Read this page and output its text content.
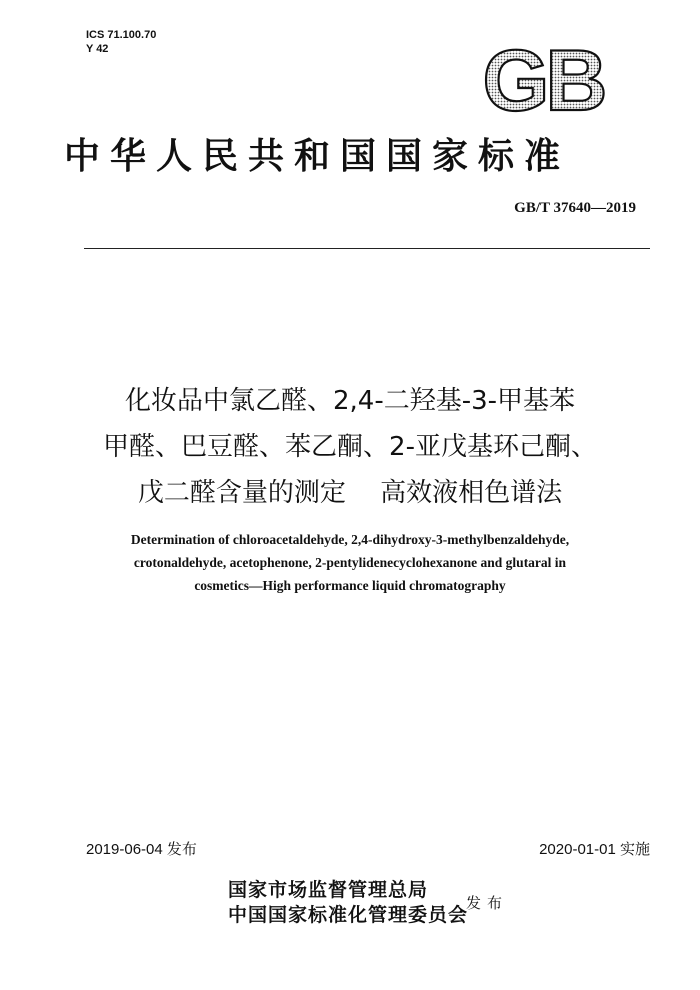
ICS 71.100.70
Y 42	GB
中华人民共和国国家标准
GB/T 37640—2019
化妆品中氯乙醛、2,4-二羟基-3-甲基苯
甲醛、巴豆醛、苯乙酮、2-亚戊基环己酮、
戊二醛含量的测定　 高效液相色谱法
Determination of chloroacetaldehyde, 2,4-dihydroxy-3-methylbenzaldehyde,
crotonaldehyde, acetophenone, 2-pentylidenecyclohexanone and glutaral in
cosmetics—High performance liquid chromatography
2019-06-04 发布	2020-01-01 实施
国家市场监督管理总局
中国国家标准化管理委员会
发布
